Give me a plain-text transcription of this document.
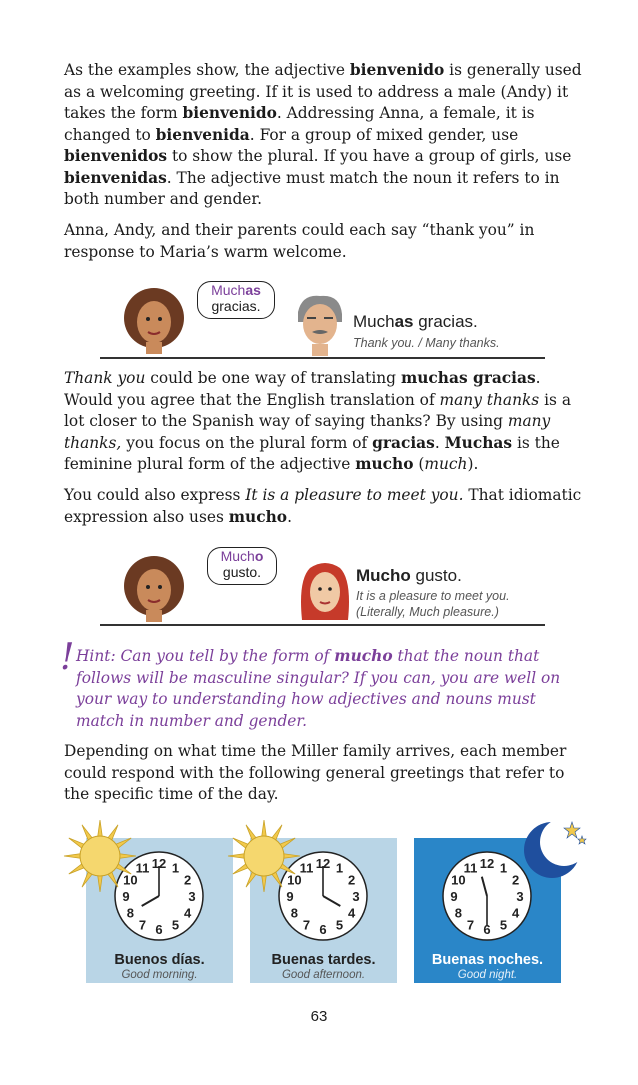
As the examples show, the adjective bienvenido is generally used as a welcoming greeting. If it is used to address a male (Andy) it takes the form bienvenido. Addressing Anna, a female, it is changed to bienvenida. For a group of mixed gender, use bienvenidos to show the plural. If you have a group of girls, use bienvenidas. The adjective must match the noun it refers to in both number and gender.

Anna, Andy, and their parents could each say “thank you” in response to Maria’s warm welcome.

Muchas
gracias.
Muchas gracias.
Thank you. / Many thanks.

Thank you could be one way of translating muchas gracias. Would you agree that the English translation of many thanks is a lot closer to the Spanish way of saying thanks? By using many thanks, you focus on the plural form of gracias. Muchas is the feminine plural form of the adjective mucho (much).

You could also express It is a pleasure to meet you. That idiomatic expression also uses mucho.

Mucho
gusto.	Mucho gusto.
It is a pleasure to meet you.
(Literally, Much pleasure.)
! Hint: Can you tell by the form of mucho that the noun that follows will be masculine singular? If you can, you are well on your way to understanding how adjectives and nouns must match in number and gender.

Depending on what time the Miller family arrives, each member could respond with the following general greetings that refer to the specific time of the day.

1
2
3
4
5
6
7
8
9
10
11 12
Buenos días.
Good morning.
1
2
3
4
5
6
7
8
9
10
11 12
Buenas tardes.
Good afternoon.
1
2
3
4
5
6
7
8
9
10
11 12
Buenas noches.
Good night.
63
